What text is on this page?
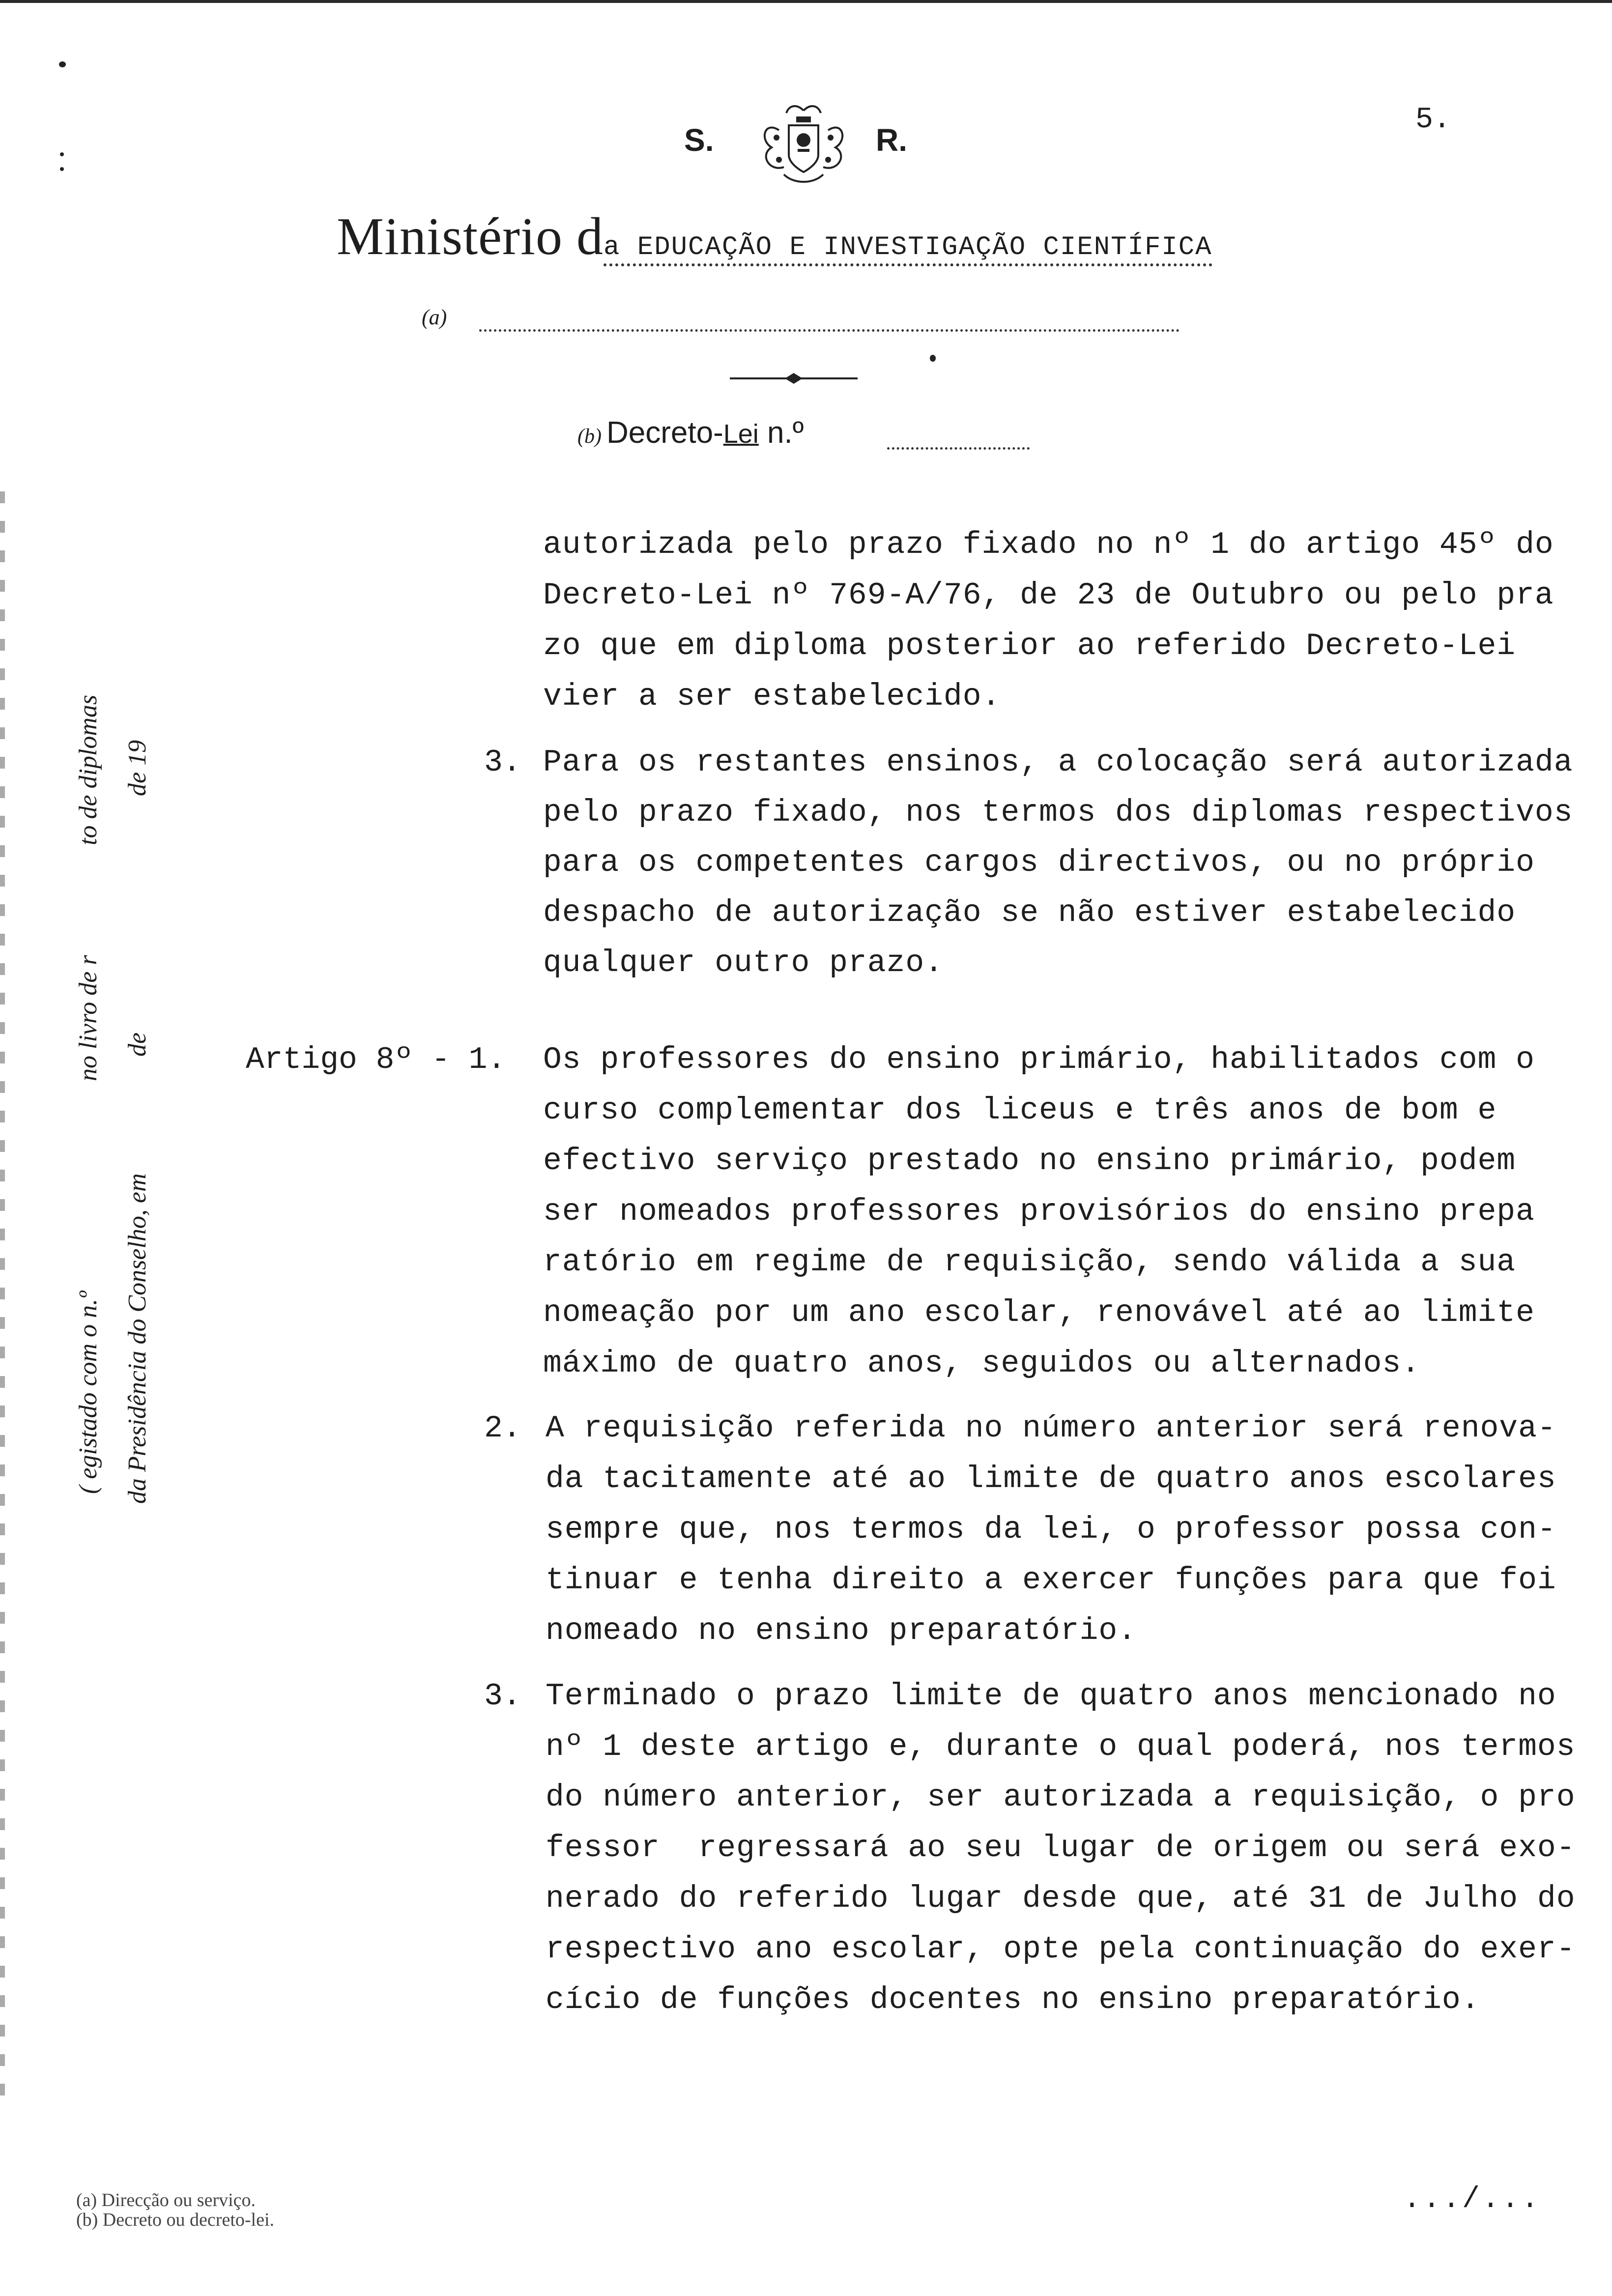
5.
S.	R.
Ministério da EDUCAÇÃO E INVESTIGAÇÃO CIENTÍFICA
(a)
(b) Decreto-Lei n.º
( egistado com o n.º
no livro de r
to de diplomas
da Presidência do Conselho, em
de
de 19
autorizada pelo prazo fixado no nº 1 do artigo 45º do
Decreto-Lei nº 769-A/76, de 23 de Outubro ou pelo pra
zo que em diploma posterior ao referido Decreto-Lei
vier a ser estabelecido.
3. Para os restantes ensinos, a colocação será autorizada
pelo prazo fixado, nos termos dos diplomas respectivos
para os competentes cargos directivos, ou no próprio
despacho de autorização se não estiver estabelecido
qualquer outro prazo.
Artigo 8º - 1. Os professores do ensino primário, habilitados com o
curso complementar dos liceus e três anos de bom e
efectivo serviço prestado no ensino primário, podem
ser nomeados professores provisórios do ensino prepa
ratório em regime de requisição, sendo válida a sua
nomeação por um ano escolar, renovável até ao limite
máximo de quatro anos, seguidos ou alternados.
2. A requisição referida no número anterior será renova-
da tacitamente até ao limite de quatro anos escolares
sempre que, nos termos da lei, o professor possa con-
tinuar e tenha direito a exercer funções para que foi
nomeado no ensino preparatório.
3. Terminado o prazo limite de quatro anos mencionado no
nº 1 deste artigo e, durante o qual poderá, nos termos
do número anterior, ser autorizada a requisição, o pro
fessor  regressará ao seu lugar de origem ou será exo-
nerado do referido lugar desde que, até 31 de Julho do
respectivo ano escolar, opte pela continuação do exer-
cício de funções docentes no ensino preparatório.
(a) Direcção ou serviço.
(b) Decreto ou decreto-lei.
.../...
